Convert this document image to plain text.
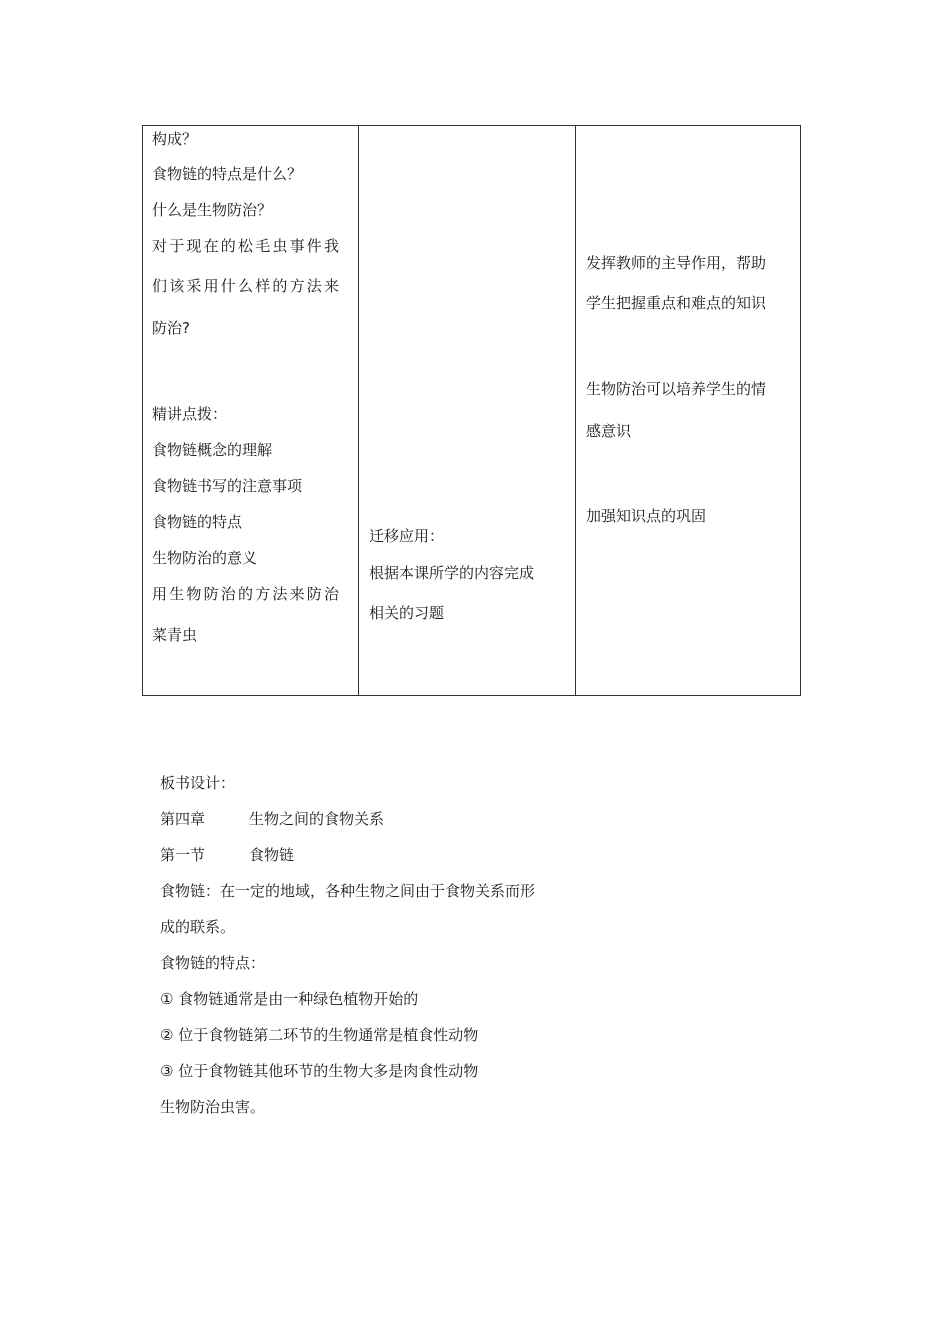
构成？
食物链的特点是什么？
什么是生物防治？
对于现在的松毛虫事件我
们该采用什么样的方法来
防治?
精讲点拨：
食物链概念的理解
食物链书写的注意事项
食物链的特点
生物防治的意义
用生物防治的方法来防治
菜青虫
迁移应用：
根据本课所学的内容完成
相关的习题
发挥教师的主导作用，帮助
学生把握重点和难点的知识
生物防治可以培养学生的情
感意识
加强知识点的巩固
板书设计：
第四章	生物之间的食物关系
第一节	食物链
食物链：在一定的地域，各种生物之间由于食物关系而形
成的联系。
食物链的特点：
① 食物链通常是由一种绿色植物开始的
② 位于食物链第二环节的生物通常是植食性动物
③ 位于食物链其他环节的生物大多是肉食性动物
生物防治虫害。
